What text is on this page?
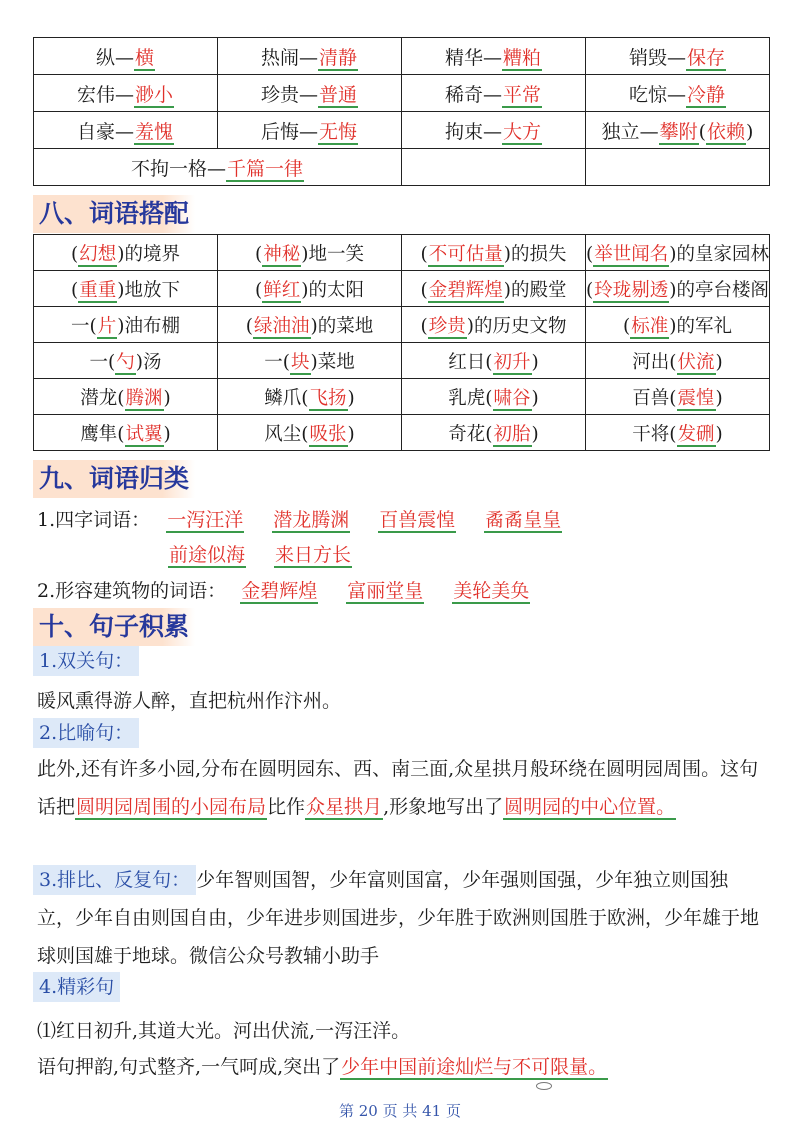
纵—横	热闹—清静	精华—糟粕	销毁—保存
宏伟—渺小	珍贵—普通	稀奇—平常	吃惊—冷静
自豪—羞愧	后悔—无悔	拘束—大方	独立—攀附(依赖)
不拘一格—千篇一律			
八、词语搭配
(幻想)的境界	(神秘)地一笑	(不可估量)的损失	(举世闻名)的皇家园林
(重重)地放下	(鲜红)的太阳	(金碧辉煌)的殿堂	(玲珑剔透)的亭台楼阁
一(片)油布棚	(绿油油)的菜地	(珍贵)的历史文物	(标准)的军礼
一(勺)汤	一(块)菜地	红日(初升)	河出(伏流)
潜龙(腾渊)	鳞爪(飞扬)	乳虎(啸谷)	百兽(震惶)
鹰隼(试翼)	风尘(吸张)	奇花(初胎)	干将(发硎)
九、词语归类
1.四字词语： 一泻汪洋 潜龙腾渊 百兽震惶 矞矞皇皇
前途似海 来日方长
2.形容建筑物的词语： 金碧辉煌 富丽堂皇 美轮美奂
十、句子积累
1.双关句：
暖风熏得游人醉，直把杭州作汴州。
2.比喻句：
此外,还有许多小园,分布在圆明园东、西、南三面,众星拱月般环绕在圆明园周围。这句话把圆明园周围的小园布局比作众星拱月,形象地写出了圆明园的中心位置。
3.排比、反复句： 少年智则国智，少年富则国富，少年强则国强，少年独立则国独立，少年自由则国自由，少年进步则国进步，少年胜于欧洲则国胜于欧洲，少年雄于地球则国雄于地球。微信公众号教辅小助手
4.精彩句
⑴红日初升,其道大光。河出伏流,一泻汪洋。
语句押韵,句式整齐,一气呵成,突出了少年中国前途灿烂与不可限量。
第 20 页 共 41 页
